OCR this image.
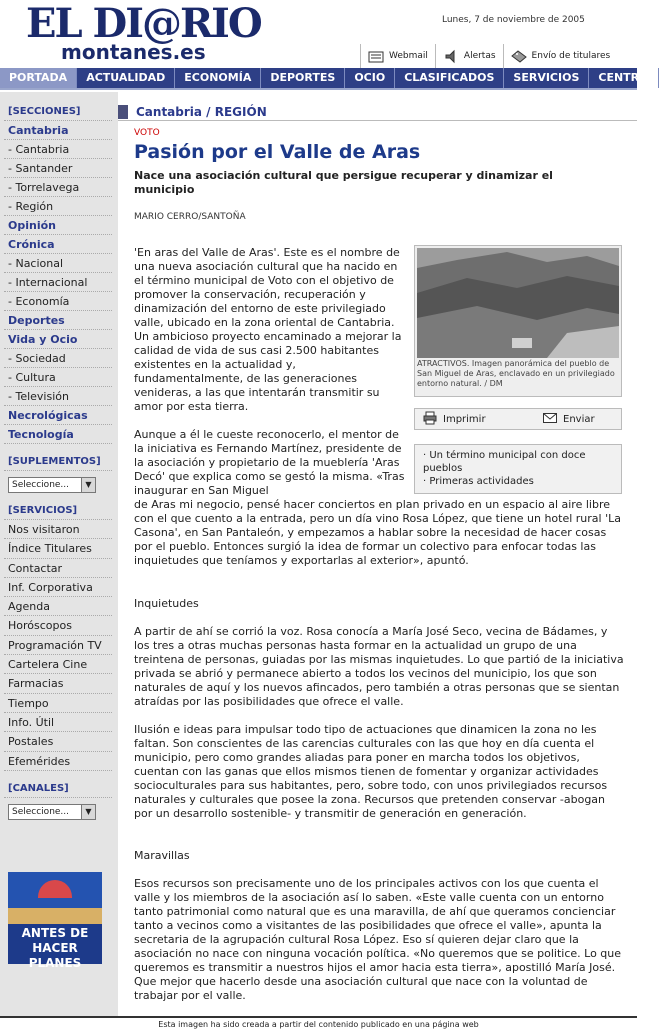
EL DI@RIO
montanes.es
Lunes, 7 de noviembre de 2005
Webmail	Alertas	Envío de titulares
PORTADA	ACTUALIDAD	ECONOMÍA	DEPORTES	OCIO	CLASIFICADOS	SERVICIOS	CENTRO
[SECCIONES]
Cantabria
- Cantabria
- Santander
- Torrelavega
- Región
Opinión
Crónica
- Nacional
- Internacional
- Economía
Deportes
Vida y Ocio
- Sociedad
- Cultura
- Televisión
Necrológicas
Tecnología
[SUPLEMENTOS]
Seleccione...	▼
[SERVICIOS]
Nos visitaron
Índice Titulares
Contactar
Inf. Corporativa
Agenda
Horóscopos
Programación TV
Cartelera Cine
Farmacias
Tiempo
Info. Útil
Postales
Efemérides
[CANALES]
Seleccione...	▼
ANTES DE HACER PLANES
Cantabria / REGIÓN
VOTO
Pasión por el Valle de Aras
Nace una asociación cultural que persigue recuperar y dinamizar el municipio
MARIO CERRO/SANTOÑA
ATRACTIVOS. Imagen panorámica del pueblo de San Miguel de Aras, enclavado en un privilegiado entorno natural. / DM
Imprimir	Enviar
· Un término municipal con doce pueblos
· Primeras actividades
'En aras del Valle de Aras'. Este es el nombre de una nueva asociación cultural que ha nacido en el término municipal de Voto con el objetivo de promover la conservación, recuperación y dinamización del entorno de este privilegiado valle, ubicado en la zona oriental de Cantabria. Un ambicioso proyecto encaminado a mejorar la calidad de vida de sus casi 2.500 habitantes existentes en la actualidad y, fundamentalmente, de las generaciones venideras, a las que intentarán transmitir su amor por esta tierra.
Aunque a él le cueste reconocerlo, el mentor de la iniciativa es Fernando Martínez, presidente de la asociación y propietario de la mueblería 'Aras Decó' que explica como se gestó la misma. «Tras inaugurar en San Miguel
de Aras mi negocio, pensé hacer conciertos en plan privado en un espacio al aire libre con el que cuento a la entrada, pero un día vino Rosa López, que tiene un hotel rural 'La Casona', en San Pantaleón, y empezamos a hablar sobre la necesidad de hacer cosas por el pueblo. Entonces surgió la idea de formar un colectivo para enfocar todas las inquietudes que teníamos y exportarlas al exterior», apuntó.
Inquietudes
A partir de ahí se corrió la voz. Rosa conocía a María José Seco, vecina de Bádames, y los tres a otras muchas personas hasta formar en la actualidad un grupo de una treintena de personas, guiadas por las mismas inquietudes. Lo que partió de la iniciativa privada se abrió y permanece abierto a todos los vecinos del municipio, los que son naturales de aquí y los nuevos afincados, pero también a otras personas que se sientan atraídas por las posibilidades que ofrece el valle.
Ilusión e ideas para impulsar todo tipo de actuaciones que dinamicen la zona no les faltan. Son conscientes de las carencias culturales con las que hoy en día cuenta el municipio, pero como grandes aliadas para poner en marcha todos los objetivos, cuentan con las ganas que ellos mismos tienen de fomentar y organizar actividades socioculturales para sus habitantes, pero, sobre todo, con unos privilegiados recursos naturales y culturales que posee la zona. Recursos que pretenden conservar -abogan por un desarrollo sostenible- y transmitir de generación en generación.
Maravillas
Esos recursos son precisamente uno de los principales activos con los que cuenta el valle y los miembros de la asociación así lo saben. «Este valle cuenta con un entorno tanto patrimonial como natural que es una maravilla, de ahí que queramos concienciar tanto a vecinos como a visitantes de las posibilidades que ofrece el valle», apunta la secretaria de la agrupación cultural Rosa López. Eso sí quieren dejar claro que la asociación no nace con ninguna vocación política. «No queremos que se politice. Lo que queremos es transmitir a nuestros hijos el amor hacia esta tierra», apostilló María José. Que mejor que hacerlo desde una asociación cultural que nace con la voluntad de trabajar por el valle.
Esta imagen ha sido creada a partir del contenido publicado en una página web
